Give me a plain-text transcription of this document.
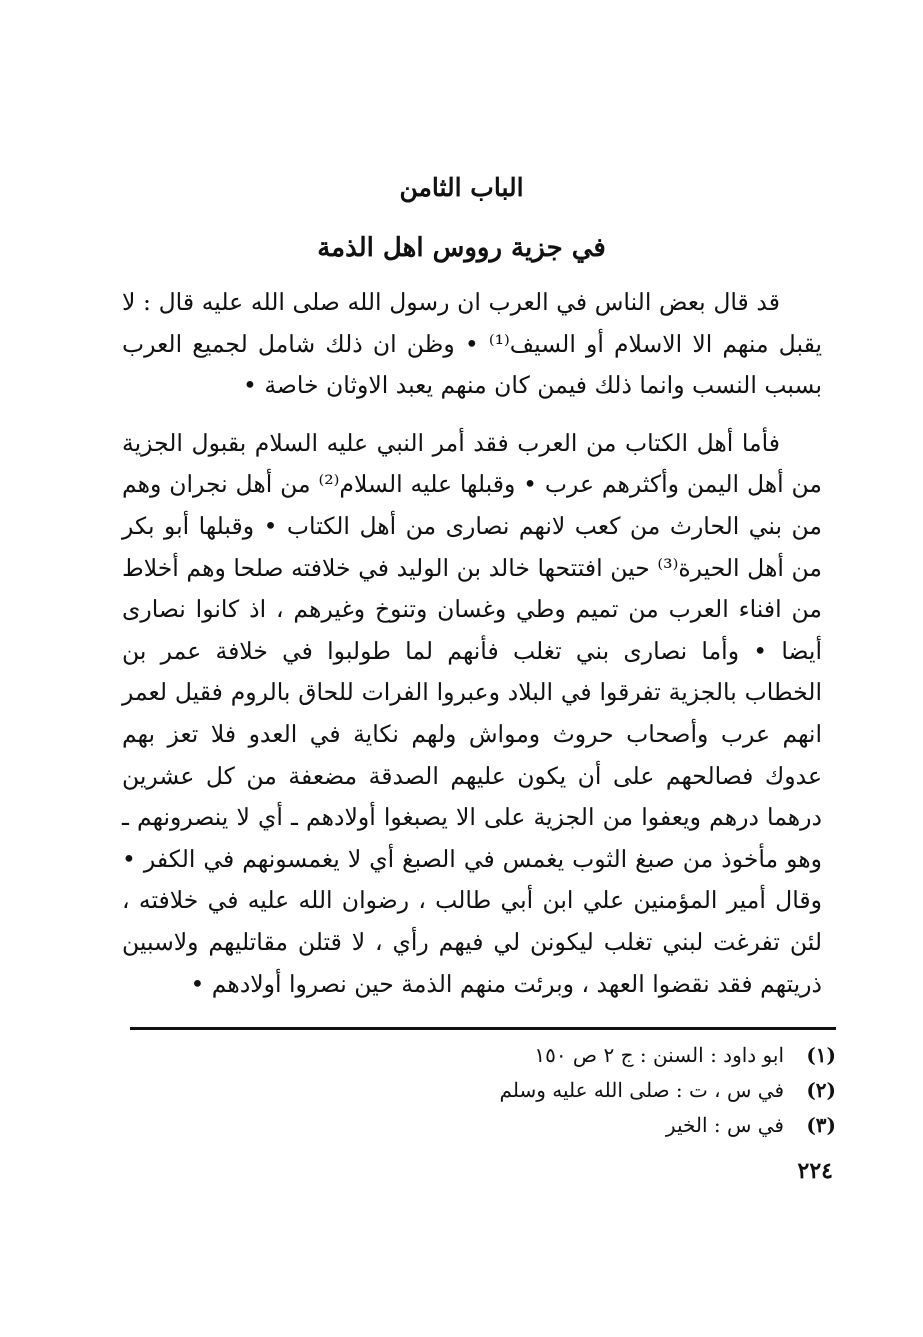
الباب الثامن
في جزية رووس اهل الذمة

قد قال بعض الناس في العرب ان رسول الله صلى الله عليه قال : لا يقبل منهم الا الاسلام أو السيف⁽¹⁾ • وظن ان ذلك شامل لجميع العرب بسبب النسب وانما ذلك فيمن كان منهم يعبد الاوثان خاصة •

فأما أهل الكتاب من العرب فقد أمر النبي عليه السلام بقبول الجزية من أهل اليمن وأكثرهم عرب • وقبلها عليه السلام⁽²⁾ من أهل نجران وهم من بني الحارث من كعب لانهم نصارى من أهل الكتاب • وقبلها أبو بكر من أهل الحيرة⁽³⁾ حين افتتحها خالد بن الوليد في خلافته صلحا وهم أخلاط من افناء العرب من تميم وطي وغسان وتنوخ وغيرهم ، اذ كانوا نصارى أيضا • وأما نصارى بني تغلب فأنهم لما طولبوا في خلافة عمر بن الخطاب بالجزية تفرقوا في البلاد وعبروا الفرات للحاق بالروم فقيل لعمر انهم عرب وأصحاب حروث ومواش ولهم نكاية في العدو فلا تعز بهم عدوك فصالحهم على أن يكون عليهم الصدقة مضعفة من كل عشرين درهما درهم ويعفوا من الجزية على الا يصبغوا أولادهم ـ أي لا ينصرونهم ـ وهو مأخوذ من صبغ الثوب يغمس في الصبغ أي لا يغمسونهم في الكفر • وقال أمير المؤمنين علي ابن أبي طالب ، رضوان الله عليه في خلافته ، لئن تفرغت لبني تغلب ليكونن لي فيهم رأي ، لا قتلن مقاتليهم ولاسبين ذريتهم فقد نقضوا العهد ، وبرئت منهم الذمة حين نصروا أولادهم •

(١)
ابو داود : السنن : ج ٢ ص ١٥٠
(٢)
في س ، ت : صلى الله عليه وسلم
(٣)
في س : الخير
٢٢٤
